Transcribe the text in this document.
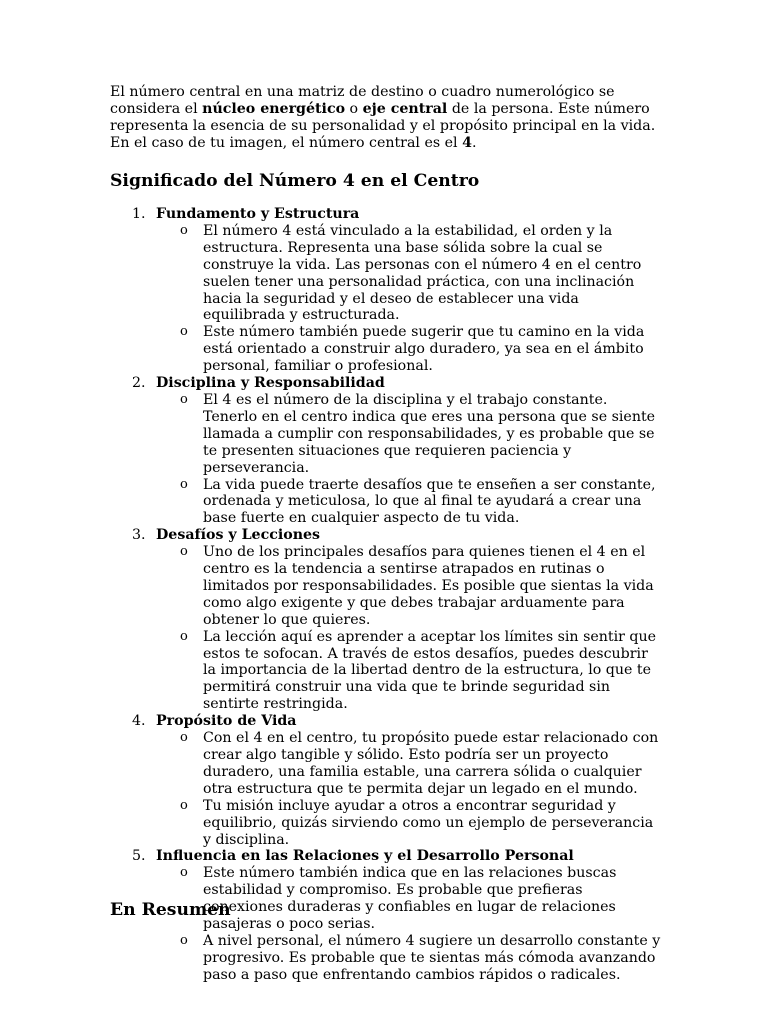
El número central en una matriz de destino o cuadro numerológico se considera el núcleo energético o eje central de la persona. Este número representa la esencia de su personalidad y el propósito principal en la vida. En el caso de tu imagen, el número central es el 4.

Significado del Número 4 en el Centro
1. Fundamento y Estructura
o El número 4 está vinculado a la estabilidad, el orden y la estructura. Representa una base sólida sobre la cual se construye la vida. Las personas con el número 4 en el centro suelen tener una personalidad práctica, con una inclinación hacia la seguridad y el deseo de establecer una vida equilibrada y estructurada.
o Este número también puede sugerir que tu camino en la vida está orientado a construir algo duradero, ya sea en el ámbito personal, familiar o profesional.
2. Disciplina y Responsabilidad
o El 4 es el número de la disciplina y el trabajo constante. Tenerlo en el centro indica que eres una persona que se siente llamada a cumplir con responsabilidades, y es probable que se te presenten situaciones que requieren paciencia y perseverancia.
o La vida puede traerte desafíos que te enseñen a ser constante, ordenada y meticulosa, lo que al final te ayudará a crear una base fuerte en cualquier aspecto de tu vida.
3. Desafíos y Lecciones
o Uno de los principales desafíos para quienes tienen el 4 en el centro es la tendencia a sentirse atrapados en rutinas o limitados por responsabilidades. Es posible que sientas la vida como algo exigente y que debes trabajar arduamente para obtener lo que quieres.
o La lección aquí es aprender a aceptar los límites sin sentir que estos te sofocan. A través de estos desafíos, puedes descubrir la importancia de la libertad dentro de la estructura, lo que te permitirá construir una vida que te brinde seguridad sin sentirte restringida.
4. Propósito de Vida
o Con el 4 en el centro, tu propósito puede estar relacionado con crear algo tangible y sólido. Esto podría ser un proyecto duradero, una familia estable, una carrera sólida o cualquier otra estructura que te permita dejar un legado en el mundo.
o Tu misión incluye ayudar a otros a encontrar seguridad y equilibrio, quizás sirviendo como un ejemplo de perseverancia y disciplina.
5. Influencia en las Relaciones y el Desarrollo Personal
o Este número también indica que en las relaciones buscas estabilidad y compromiso. Es probable que prefieras conexiones duraderas y confiables en lugar de relaciones pasajeras o poco serias.
o A nivel personal, el número 4 sugiere un desarrollo constante y progresivo. Es probable que te sientas más cómoda avanzando paso a paso que enfrentando cambios rápidos o radicales.
En Resumen
